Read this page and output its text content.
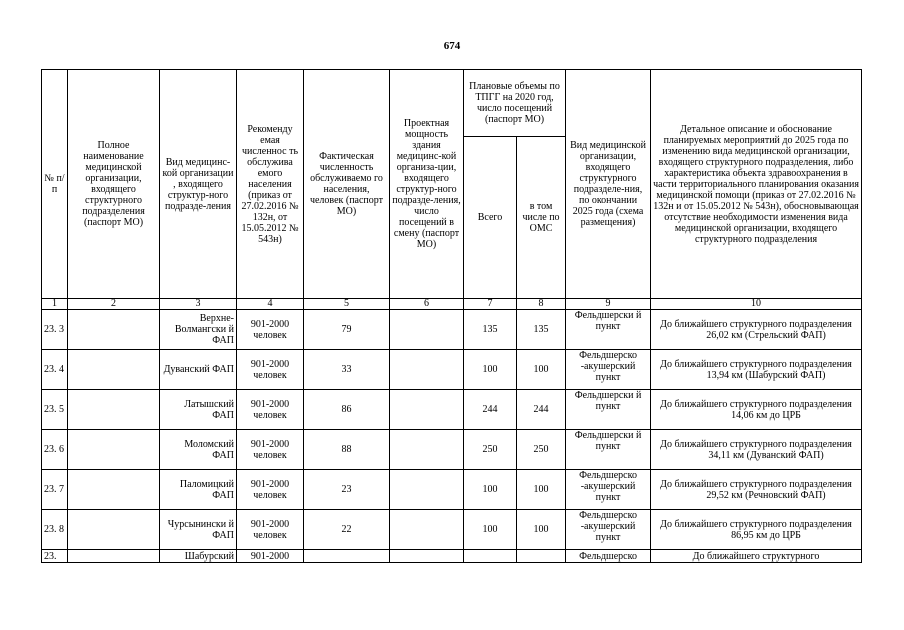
674
№ п/п	Полное наименование медицинской организации, входящего структурного подразделения (паспорт МО)	Вид медицинс-кой организации , входящего структур-ного подразде-ления	Рекоменду емая численнос ть обслужива емого населения (приказ от 27.02.2016 № 132н, от 15.05.2012 № 543н)	Фактическая численность обслуживаемо го населения, человек (паспорт МО)	Проектная мощность здания медицинс-кой организа-ции, входящего структур-ного подразде-ления, число посещений в смену (паспорт МО)	Плановые объемы по ТПГГ на 2020 год, число посещений (паспорт МО)		Вид медицинской организации, входящего структурного подразделе-ния, по окончании 2025 года (схема размещения)	Детальное описание и обоснование планируемых мероприятий до 2025 года по изменению вида медицинской организации, входящего структурного подразделения, либо характеристика объекта здравоохранения в части территориального планирования оказания медицинской помощи (приказ от 27.02.2016 № 132н и от 15.05.2012 № 543н), обосновывающая отсутствие необходимости изменения вида медицинской организации, входящего структурного подразделения
						Всего	в том числе по ОМС		
1	2	3	4	5	6	7	8	9	10
23. 3		Верхне-Волмангски й ФАП	901-2000 человек	79		135	135	Фельдшерски й пункт	До ближайшего структурного подразделения
26,02 км (Стрельский ФАП)

23. 4		Дуванский ФАП	901-2000 человек	33		100	100	Фельдшерско -акушерский пункт	До ближайшего структурного подразделения
13,94 км (Шабурский ФАП)

23. 5		Латышский ФАП	901-2000 человек	86		244	244	Фельдшерски й пункт	До ближайшего структурного подразделения
14,06 км до ЦРБ

23. 6		Моломский ФАП	901-2000 человек	88		250	250	Фельдшерски й пункт	До ближайшего структурного подразделения
34,11 км (Дуванский ФАП)

23. 7		Паломицкий ФАП	901-2000 человек	23		100	100	Фельдшерско -акушерский пункт	До ближайшего структурного подразделения
29,52 км (Речновский ФАП)

23. 8		Чурсынински й ФАП	901-2000 человек	22		100	100	Фельдшерско -акушерский пункт	До ближайшего структурного подразделения
86,95 км до ЦРБ

23.		Шабурский	901-2000					Фельдшерско	До ближайшего структурного
